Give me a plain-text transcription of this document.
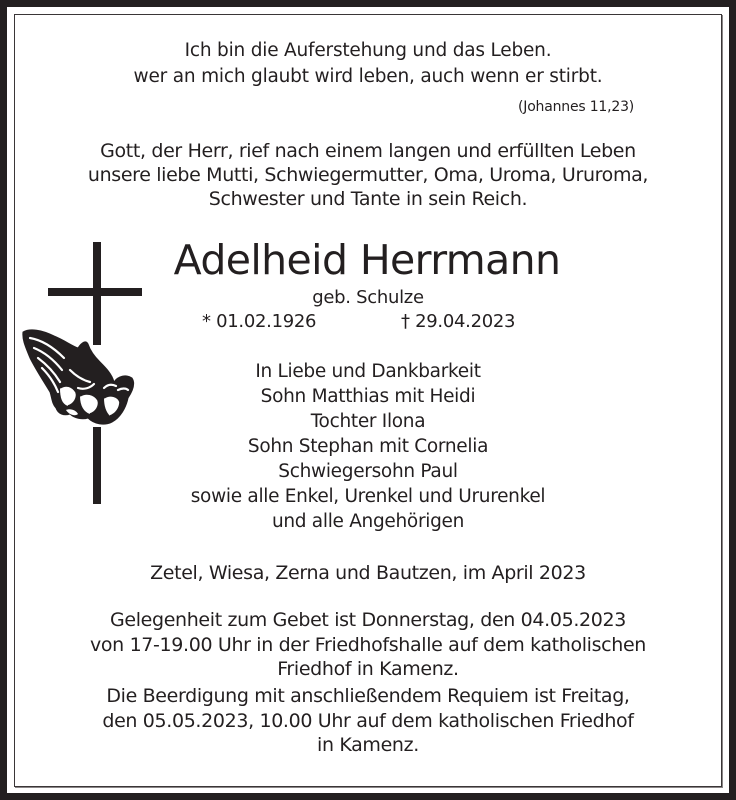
Ich bin die Auferstehung und das Leben.
wer an mich glaubt wird leben, auch wenn er stirbt.
(Johannes 11,23)
Gott, der Herr, rief nach einem langen und erfüllten Leben
unsere liebe Mutti, Schwiegermutter, Oma, Uroma, Ururoma,
Schwester und Tante in sein Reich.
Adelheid Herrmann
geb. Schulze
* 01.02.1926	† 29.04.2023
In Liebe und Dankbarkeit
Sohn Matthias mit Heidi
Tochter Ilona
Sohn Stephan mit Cornelia
Schwiegersohn Paul
sowie alle Enkel, Urenkel und Ururenkel
und alle Angehörigen
Zetel, Wiesa, Zerna und Bautzen, im April 2023
Gelegenheit zum Gebet ist Donnerstag, den 04.05.2023
von 17-19.00 Uhr in der Friedhofshalle auf dem katholischen
Friedhof in Kamenz.
Die Beerdigung mit anschließendem Requiem ist Freitag,
den 05.05.2023, 10.00 Uhr auf dem katholischen Friedhof
in Kamenz.
